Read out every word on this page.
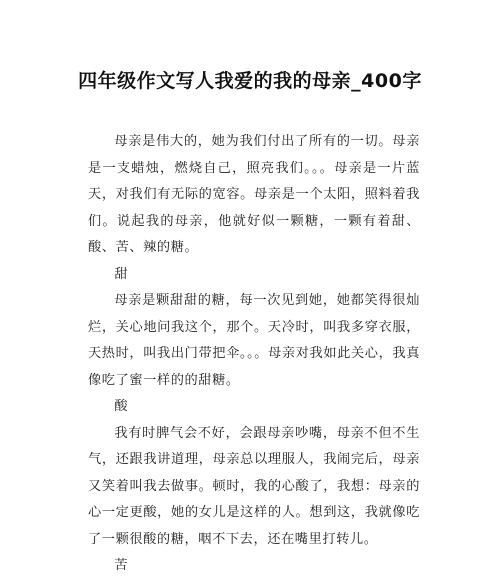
四年级作文写人我爱的我的母亲_400字

母亲是伟大的，她为我们付出了所有的一切。母亲是一支蜡烛，燃烧自己，照亮我们。。。母亲是一片蓝天，对我们有无际的宽容。母亲是一个太阳，照料着我们。说起我的母亲，他就好似一颗糖，一颗有着甜、酸、苦、辣的糖。

甜

母亲是颗甜甜的糖，每一次见到她，她都笑得很灿烂，关心地问我这个，那个。天冷时，叫我多穿衣服，天热时，叫我出门带把伞。。。母亲对我如此关心，我真像吃了蜜一样的的甜糖。

酸

我有时脾气会不好，会跟母亲吵嘴，母亲不但不生气，还跟我讲道理，母亲总以理服人，我闹完后，母亲又笑着叫我去做事。顿时，我的心酸了，我想：母亲的心一定更酸，她的女儿是这样的人。想到这，我就像吃了一颗很酸的糖，咽不下去，还在嘴里打转儿。

苦
